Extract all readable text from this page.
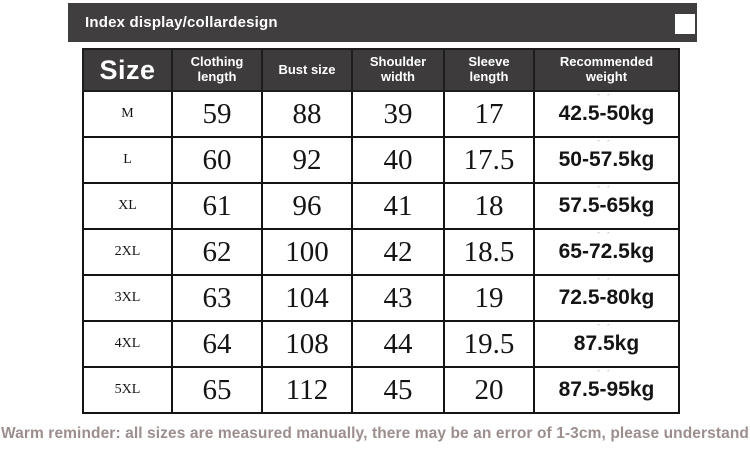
Index display/collardesign
Size	Clothing length	Bust size	Shoulder width	Sleeve length	Recommended weight
M	59	88	39	17	ˊˊ 42.5-50kg
L	60	92	40	17.5	ˊˊ 50-57.5kg
XL	61	96	41	18	ˊˊ 57.5-65kg
2XL	62	100	42	18.5	ˊˊ 65-72.5kg
3XL	63	104	43	19	ˊˊ 72.5-80kg
4XL	64	108	44	19.5	ˊˊ 87.5kg
5XL	65	112	45	20	ˊˊ 87.5-95kg
Warm reminder: all sizes are measured manually, there may be an error of 1-3cm, please understand
